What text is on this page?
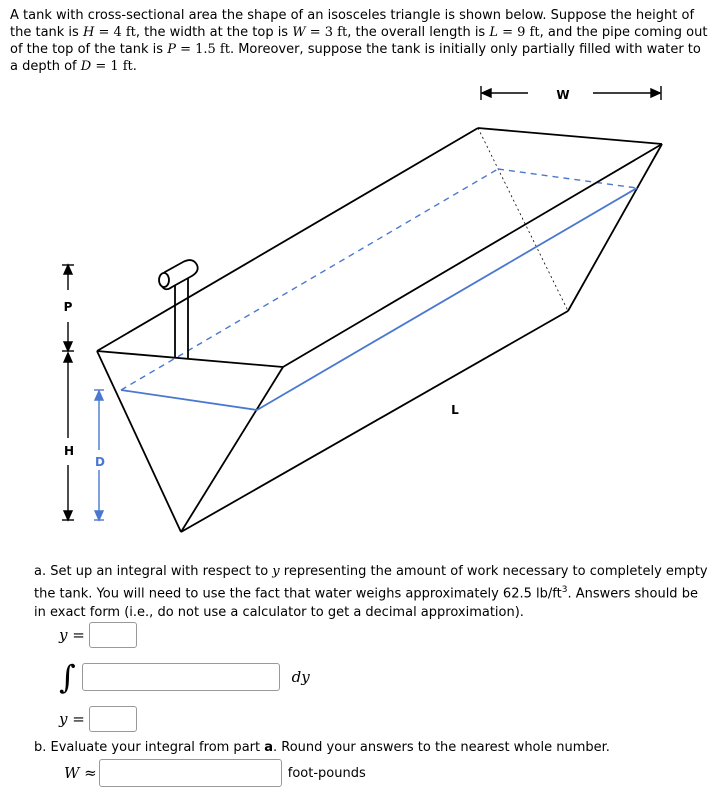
A tank with cross-sectional area the shape of an isosceles triangle is shown below. Suppose the height of the tank is H = 4 ft, the width at the top is W = 3 ft, the overall length is L = 9 ft, and the pipe coming out of the top of the tank is P = 1.5 ft. Moreover, suppose the tank is initially only partially filled with water to a depth of D = 1 ft.
W
L
P
H
D
a. Set up an integral with respect to y representing the amount of work necessary to completely empty the tank. You will need to use the fact that water weighs approximately 62.5 $lb/ft^3$. Answers should be in exact form (i.e., do not use a calculator to get a decimal approximation).
y =
∫	dy
y =
b. Evaluate your integral from part a. Round your answers to the nearest whole number.
W ≈	foot-pounds
